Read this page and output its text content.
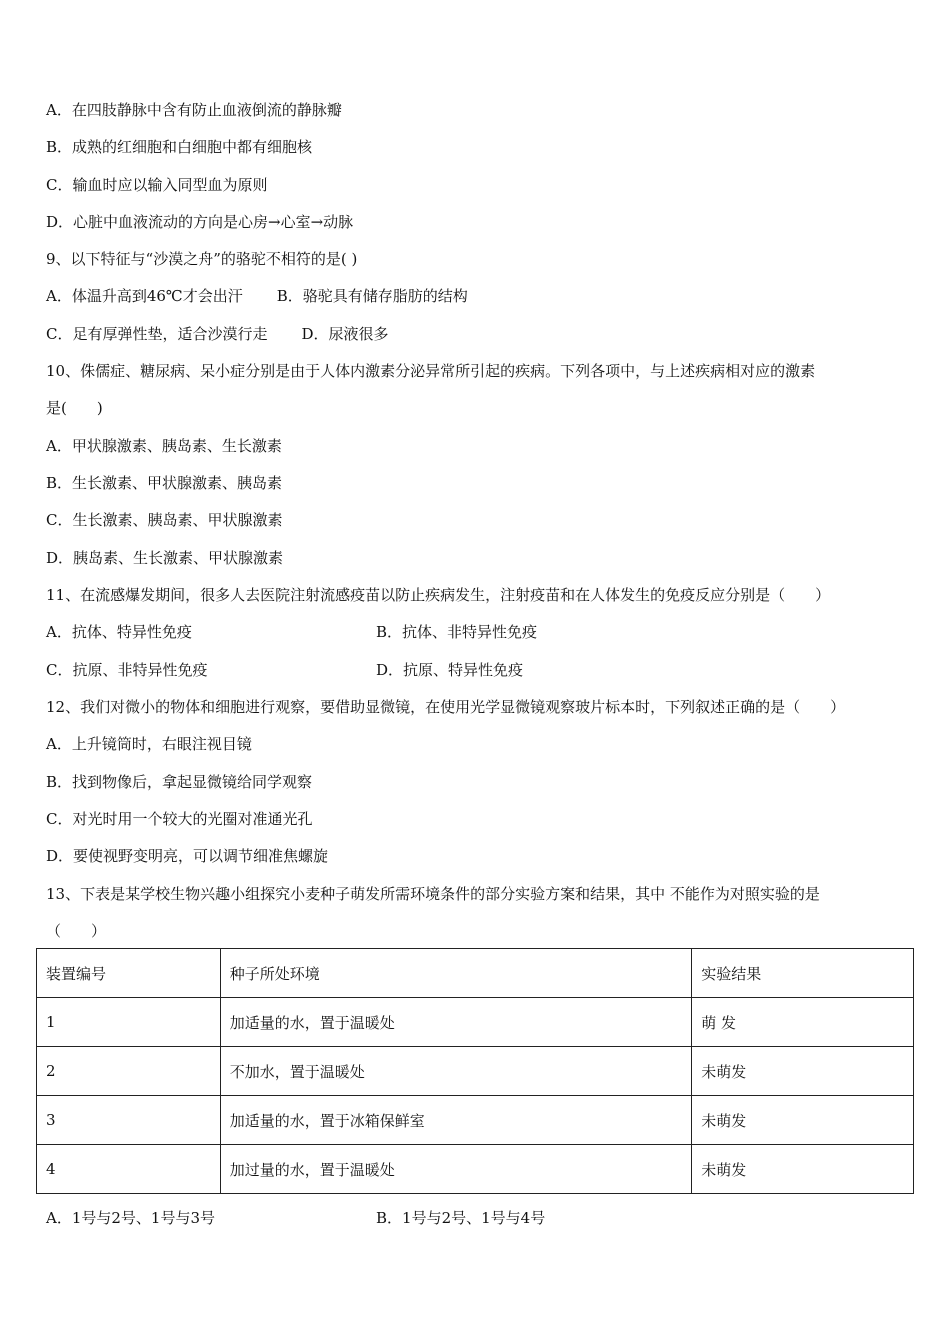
A．在四肢静脉中含有防止血液倒流的静脉瓣
B．成熟的红细胞和白细胞中都有细胞核
C．输血时应以输入同型血为原则
D．心脏中血液流动的方向是心房→心室→动脉
9、以下特征与“沙漠之舟”的骆驼不相符的是( )
A．体温升高到46℃才会出汗 B．骆驼具有储存脂肪的结构
C．足有厚弹性垫，适合沙漠行走 D．尿液很多
10、侏儒症、糖尿病、呆小症分别是由于人体内激素分泌异常所引起的疾病。下列各项中，与上述疾病相对应的激素
是(　　)
A．甲状腺激素、胰岛素、生长激素
B．生长激素、甲状腺激素、胰岛素
C．生长激素、胰岛素、甲状腺激素
D．胰岛素、生长激素、甲状腺激素
11、在流感爆发期间，很多人去医院注射流感疫苗以防止疾病发生，注射疫苗和在人体发生的免疫反应分别是（　　）
A．抗体、特异性免疫	B．抗体、非特异性免疫
C．抗原、非特异性免疫	D．抗原、特异性免疫
12、我们对微小的物体和细胞进行观察，要借助显微镜，在使用光学显微镜观察玻片标本时，下列叙述正确的是（　　）
A．上升镜筒时，右眼注视目镜
B．找到物像后，拿起显微镜给同学观察
C．对光时用一个较大的光圈对准通光孔
D．要使视野变明亮，可以调节细准焦螺旋
13、下表是某学校生物兴趣小组探究小麦种子萌发所需环境条件的部分实验方案和结果，其中 不能作为对照实验的是
（　　）
装置编号	种子所处环境	实验结果
1	加适量的水，置于温暖处	萌 发
2	不加水，置于温暖处	未萌发
3	加适量的水，置于冰箱保鲜室	未萌发
4	加过量的水，置于温暖处	未萌发
A．1号与2号、1号与3号	B．1号与2号、1号与4号
